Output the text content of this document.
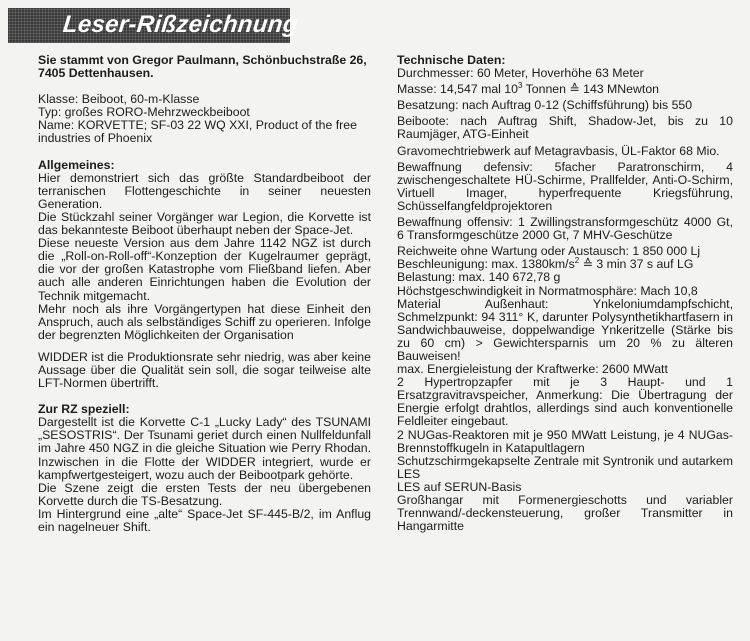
Leser-Rißzeichnung

Sie stammt von Gregor Paulmann, Schönbuchstraße 26, 7405 Dettenhausen.

Klasse: Beiboot, 60-m-Klasse

Typ: großes RORO-Mehrzweckbeiboot

Name: KORVETTE; SF-03 22 WQ XXI, Product of the free industries of Phoenix

Allgemeines:

Hier demonstriert sich das größte Standardbeiboot der terranischen Flottengeschichte in seiner neuesten Generation.

Die Stückzahl seiner Vorgänger war Legion, die Korvette ist das bekannteste Beiboot überhaupt neben der Space-Jet.

Diese neueste Version aus dem Jahre 1142 NGZ ist durch die „Roll-on-Roll-off“-Konzeption der Kugelraumer geprägt, die vor der großen Katastrophe vom Fließband liefen. Aber auch alle anderen Einrichtungen haben die Evolution der Technik mitgemacht.

Mehr noch als ihre Vorgängertypen hat diese Einheit den Anspruch, auch als selbständiges Schiff zu operieren. Infolge der begrenzten Möglichkeiten der Organisation

WIDDER ist die Produktionsrate sehr niedrig, was aber keine Aussage über die Qualität sein soll, die sogar teilweise alte LFT-Normen übertrifft.

Zur RZ speziell:

Dargestellt ist die Korvette C-1 „Lucky Lady“ des TSUNAMI „SESOSTRIS“. Der Tsunami geriet durch einen Nullfeldunfall im Jahre 450 NGZ in die gleiche Situation wie Perry Rhodan. Inzwischen in die Flotte der WIDDER integriert, wurde er kampfwertgesteigert, wozu auch der Beibootpark gehörte.

Die Szene zeigt die ersten Tests der neu übergebenen Korvette durch die TS-Besatzung.

Im Hintergrund eine „alte“ Space-Jet SF-445-B/2, im Anflug ein nagelneuer Shift.

Technische Daten:

Durchmesser: 60 Meter, Hoverhöhe 63 Meter

Masse: 14,547 mal $10^3$ Tonnen ≙ 143 MNewton

Besatzung: nach Auftrag 0-12 (Schiffsführung) bis 550

Beiboote: nach Auftrag Shift, Shadow-Jet, bis zu 10 Raumjäger, ATG-Einheit

Gravomechtriebwerk auf Metagravbasis, ÜL-Faktor 68 Mio.

Bewaffnung defensiv: 5facher Paratronschirm, 4 zwischengeschaltete HÜ-Schirme, Prallfelder, Anti-O-Schirm, Virtuell Imager, hyperfrequente Kriegsführung, Schüsselfangfeldprojektoren

Bewaffnung offensiv: 1 Zwillingstransformgeschütz 4000 Gt, 6 Transformgeschütze 2000 Gt, 7 MHV-Geschütze

Reichweite ohne Wartung oder Austausch: 1 850 000 Lj

Beschleunigung: max. $1380km/s^2$ ≙ 3 min 37 s auf LG

Belastung: max. 140 672,78 g

Höchstgeschwindigkeit in Normatmosphäre: Mach 10,8

Material Außenhaut: Ynkeloniumdampfschicht, Schmelzpunkt: 94 311° K, darunter Polysynthetikhartfasern in Sandwichbauweise, doppelwandige Ynkeritzelle (Stärke bis zu 60 cm) > Gewichtersparnis um 20 % zu älteren Bauweisen!

max. Energieleistung der Kraftwerke: 2600 MWatt

2 Hypertropzapfer mit je 3 Haupt- und 1 Ersatzgravitravspeicher, Anmerkung: Die Übertragung der Energie erfolgt drahtlos, allerdings sind auch konventionelle Feldleiter eingebaut.

2 NUGas-Reaktoren mit je 950 MWatt Leistung, je 4 NUGas-Brennstoffkugeln in Katapultlagern

Schutzschirmgekapselte Zentrale mit Syntronik und autarkem LES

LES auf SERUN-Basis

Großhangar mit Formenergieschotts und variabler Trennwand/-deckensteuerung, großer Transmitter in Hangarmitte
